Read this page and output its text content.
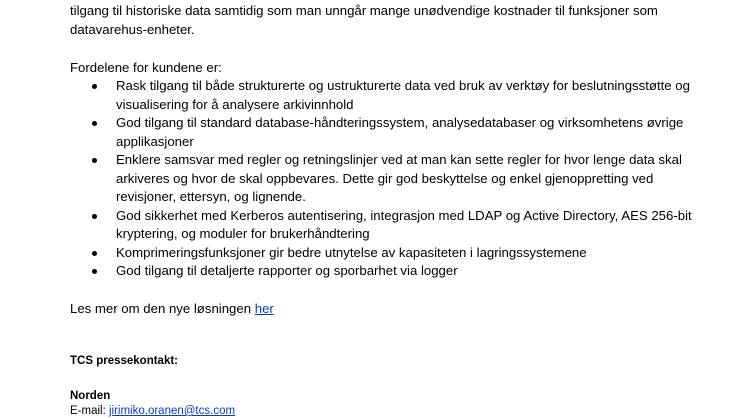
tilgang til historiske data samtidig som man unngår mange unødvendige kostnader til funksjoner som datavarehus-enheter.

Fordelene for kundene er:

Rask tilgang til både strukturerte og ustrukturerte data ved bruk av verktøy for beslutningsstøtte og visualisering for å analysere arkivinnhold
God tilgang til standard database-håndteringssystem, analysedatabaser og virksomhetens øvrige applikasjoner
Enklere samsvar med regler og retningslinjer ved at man kan sette regler for hvor lenge data skal arkiveres og hvor de skal oppbevares. Dette gir god beskyttelse og enkel gjenoppretting ved revisjoner, ettersyn, og lignende.
God sikkerhet med Kerberos autentisering, integrasjon med LDAP og Active Directory, AES 256-bit kryptering, og moduler for brukerhåndtering
Komprimeringsfunksjoner gir bedre utnytelse av kapasiteten i lagringssystemene
God tilgang til detaljerte rapporter og sporbarhet via logger

Les mer om den nye løsningen her

TCS pressekontakt:

Norden

E-mail: jirimiko.oranen@tcs.com
